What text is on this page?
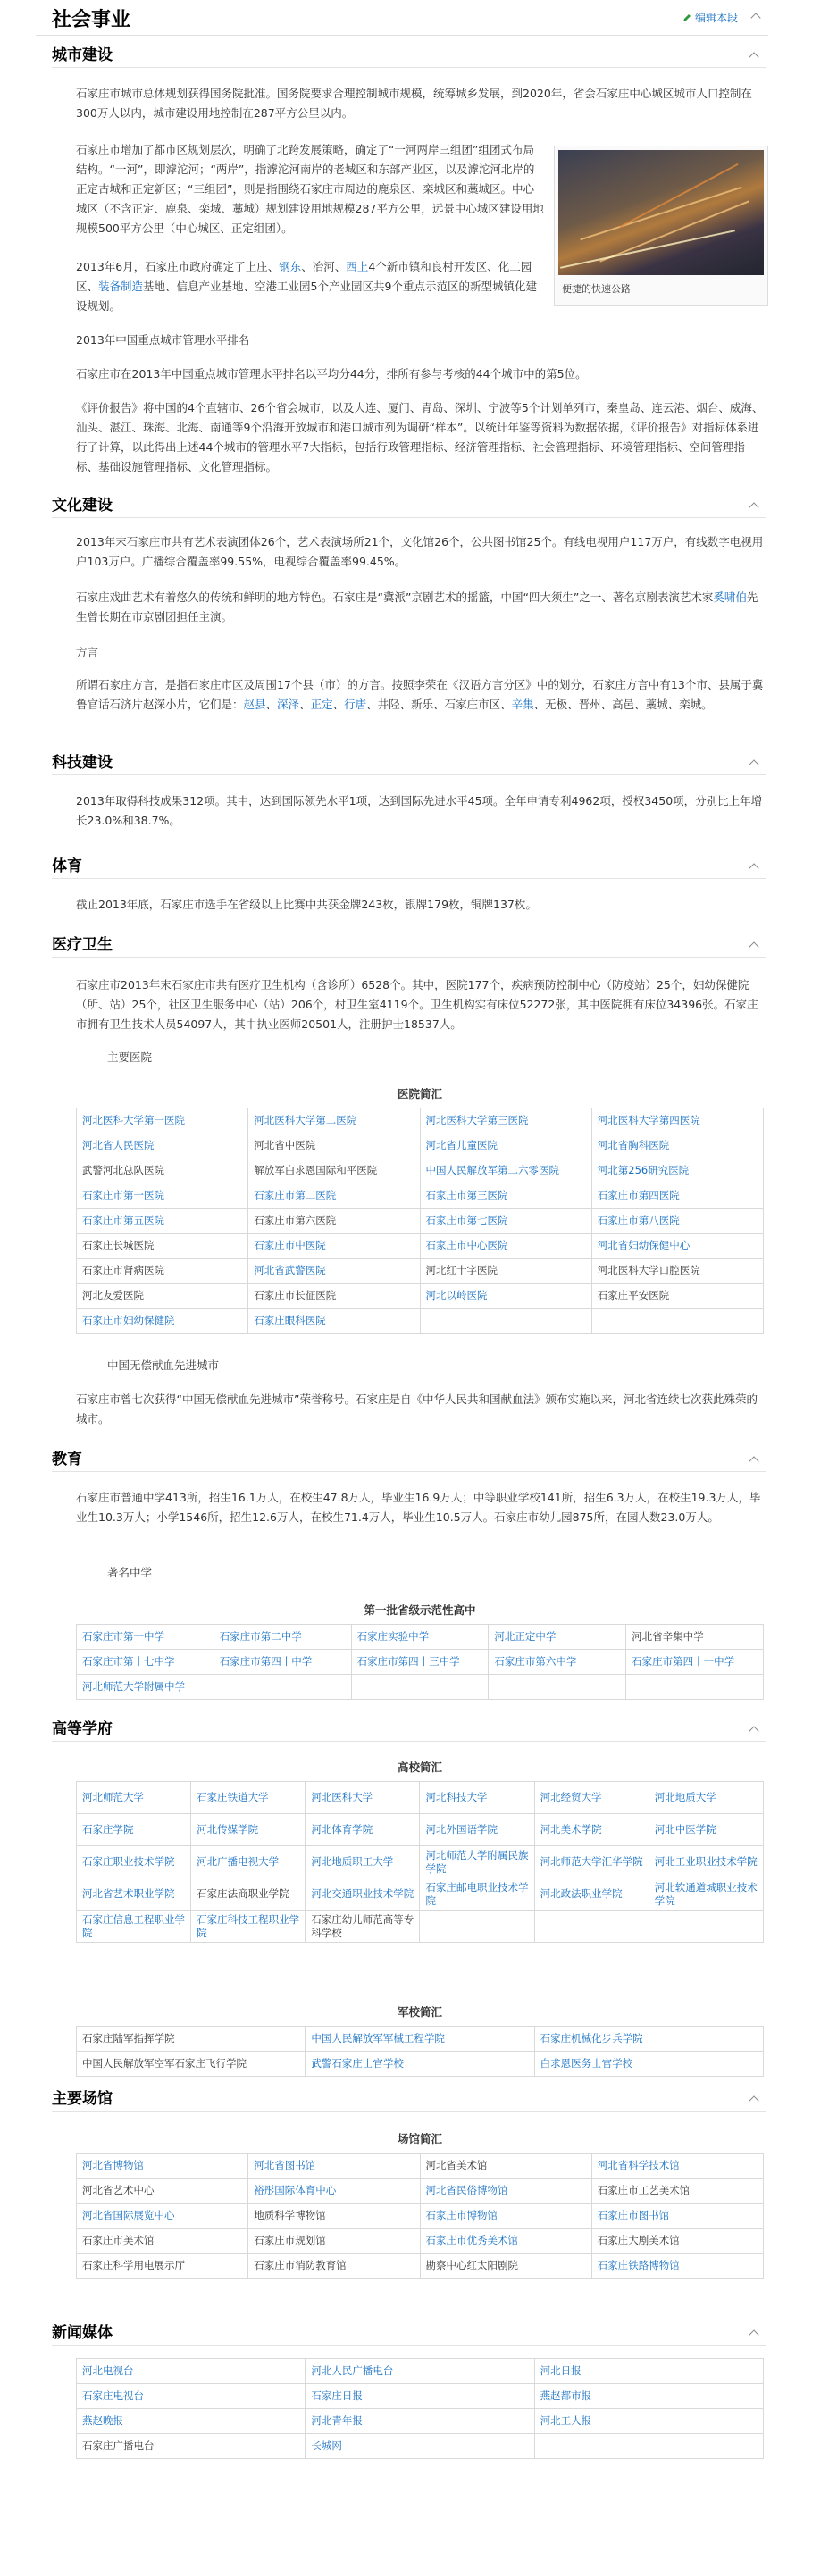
社会事业	编辑本段
城市建设
石家庄市城市总体规划获得国务院批准。国务院要求合理控制城市规模，统筹城乡发展，到2020年，省会石家庄中心城区城市人口控制在300万人以内，城市建设用地控制在287平方公里以内。
石家庄市增加了都市区规划层次，明确了北跨发展策略，确定了“一河两岸三组团”组团式布局结构。“一河”，即滹沱河；“两岸”，指滹沱河南岸的老城区和东部产业区，以及滹沱河北岸的正定古城和正定新区；“三组团”，则是指围绕石家庄市周边的鹿泉区、栾城区和藁城区。中心城区（不含正定、鹿泉、栾城、藁城）规划建设用地规模287平方公里，远景中心城区建设用地规模500平方公里（中心城区、正定组团）。
便捷的快速公路
2013年6月，石家庄市政府确定了上庄、钢东、冶河、西上4个新市镇和良村开发区、化工园区、装备制造基地、信息产业基地、空港工业园5个产业园区共9个重点示范区的新型城镇化建设规划。
2013年中国重点城市管理水平排名
石家庄市在2013年中国重点城市管理水平排名以平均分44分，排所有参与考核的44个城市中的第5位。
《评价报告》将中国的4个直辖市、26个省会城市，以及大连、厦门、青岛、深圳、宁波等5个计划单列市，秦皇岛、连云港、烟台、威海、汕头、湛江、珠海、北海、南通等9个沿海开放城市和港口城市列为调研“样本”。以统计年鉴等资料为数据依据，《评价报告》对指标体系进行了计算，以此得出上述44个城市的管理水平7大指标，包括行政管理指标、经济管理指标、社会管理指标、环境管理指标、空间管理指标、基础设施管理指标、文化管理指标。
文化建设
2013年末石家庄市共有艺术表演团体26个，艺术表演场所21个，文化馆26个，公共图书馆25个。有线电视用户117万户，有线数字电视用户103万户。广播综合覆盖率99.55%，电视综合覆盖率99.45%。
石家庄戏曲艺术有着悠久的传统和鲜明的地方特色。石家庄是“冀派”京剧艺术的摇篮，中国“四大须生”之一、著名京剧表演艺术家奚啸伯先生曾长期在市京剧团担任主演。
方言
所谓石家庄方言，是指石家庄市区及周围17个县（市）的方言。按照李荣在《汉语方言分区》中的划分，石家庄方言中有13个市、县属于冀鲁官话石济片赵深小片，它们是：赵县、深泽、正定、行唐、井陉、新乐、石家庄市区、辛集、无极、晋州、高邑、藁城、栾城。
科技建设
2013年取得科技成果312项。其中，达到国际领先水平1项，达到国际先进水平45项。全年申请专利4962项，授权3450项，分别比上年增长23.0%和38.7%。
体育
截止2013年底，石家庄市选手在省级以上比赛中共获金牌243枚，银牌179枚，铜牌137枚。
医疗卫生
石家庄市2013年末石家庄市共有医疗卫生机构（含诊所）6528个。其中，医院177个，疾病预防控制中心（防疫站）25个，妇幼保健院（所、站）25个，社区卫生服务中心（站）206个，村卫生室4119个。卫生机构实有床位52272张，其中医院拥有床位34396张。石家庄市拥有卫生技术人员54097人，其中执业医师20501人，注册护士18537人。
主要医院
医院简汇
河北医科大学第一医院	河北医科大学第二医院	河北医科大学第三医院	河北医科大学第四医院
河北省人民医院	河北省中医院	河北省儿童医院	河北省胸科医院
武警河北总队医院	解放军白求恩国际和平医院	中国人民解放军第二六零医院	河北第256研究医院
石家庄市第一医院	石家庄市第二医院	石家庄市第三医院	石家庄市第四医院
石家庄市第五医院	石家庄市第六医院	石家庄市第七医院	石家庄市第八医院
石家庄长城医院	石家庄市中医院	石家庄市中心医院	河北省妇幼保健中心
石家庄市肾病医院	河北省武警医院	河北红十字医院	河北医科大学口腔医院
河北友爱医院	石家庄市长征医院	河北以岭医院	石家庄平安医院
石家庄市妇幼保健院	石家庄眼科医院		
中国无偿献血先进城市
石家庄市曾七次获得“中国无偿献血先进城市”荣誉称号。石家庄是自《中华人民共和国献血法》颁布实施以来，河北省连续七次获此殊荣的城市。
教育
石家庄市普通中学413所，招生16.1万人，在校生47.8万人，毕业生16.9万人；中等职业学校141所，招生6.3万人，在校生19.3万人，毕业生10.3万人；小学1546所，招生12.6万人，在校生71.4万人，毕业生10.5万人。石家庄市幼儿园875所，在园人数23.0万人。
著名中学
第一批省级示范性高中
石家庄市第一中学	石家庄市第二中学	石家庄实验中学	河北正定中学	河北省辛集中学
石家庄市第十七中学	石家庄市第四十中学	石家庄市第四十三中学	石家庄市第六中学	石家庄市第四十一中学
河北师范大学附属中学				
高等学府
高校简汇
河北师范大学	石家庄铁道大学	河北医科大学	河北科技大学	河北经贸大学	河北地质大学
石家庄学院	河北传媒学院	河北体育学院	河北外国语学院	河北美术学院	河北中医学院
石家庄职业技术学院	河北广播电视大学	河北地质职工大学	河北师范大学附属民族学院	河北师范大学汇华学院	河北工业职业技术学院
河北省艺术职业学院	石家庄法商职业学院	河北交通职业技术学院	石家庄邮电职业技术学院	河北政法职业学院	河北软通道城职业技术学院
石家庄信息工程职业学院	石家庄科技工程职业学院	石家庄幼儿师范高等专科学校			
军校简汇
石家庄陆军指挥学院	中国人民解放军军械工程学院	石家庄机械化步兵学院
中国人民解放军空军石家庄飞行学院	武警石家庄士官学校	白求恩医务士官学校
主要场馆
场馆简汇
河北省博物馆	河北省图书馆	河北省美术馆	河北省科学技术馆
河北省艺术中心	裕彤国际体育中心	河北省民俗博物馆	石家庄市工艺美术馆
河北省国际展览中心	地质科学博物馆	石家庄市博物馆	石家庄市图书馆
石家庄市美术馆	石家庄市规划馆	石家庄市优秀美术馆	石家庄大剧美术馆
石家庄科学用电展示厅	石家庄市消防教育馆	勘察中心红太阳剧院	石家庄铁路博物馆
新闻媒体
河北电视台	河北人民广播电台	河北日报
石家庄电视台	石家庄日报	燕赵都市报
燕赵晚报	河北青年报	河北工人报
石家庄广播电台	长城网	
